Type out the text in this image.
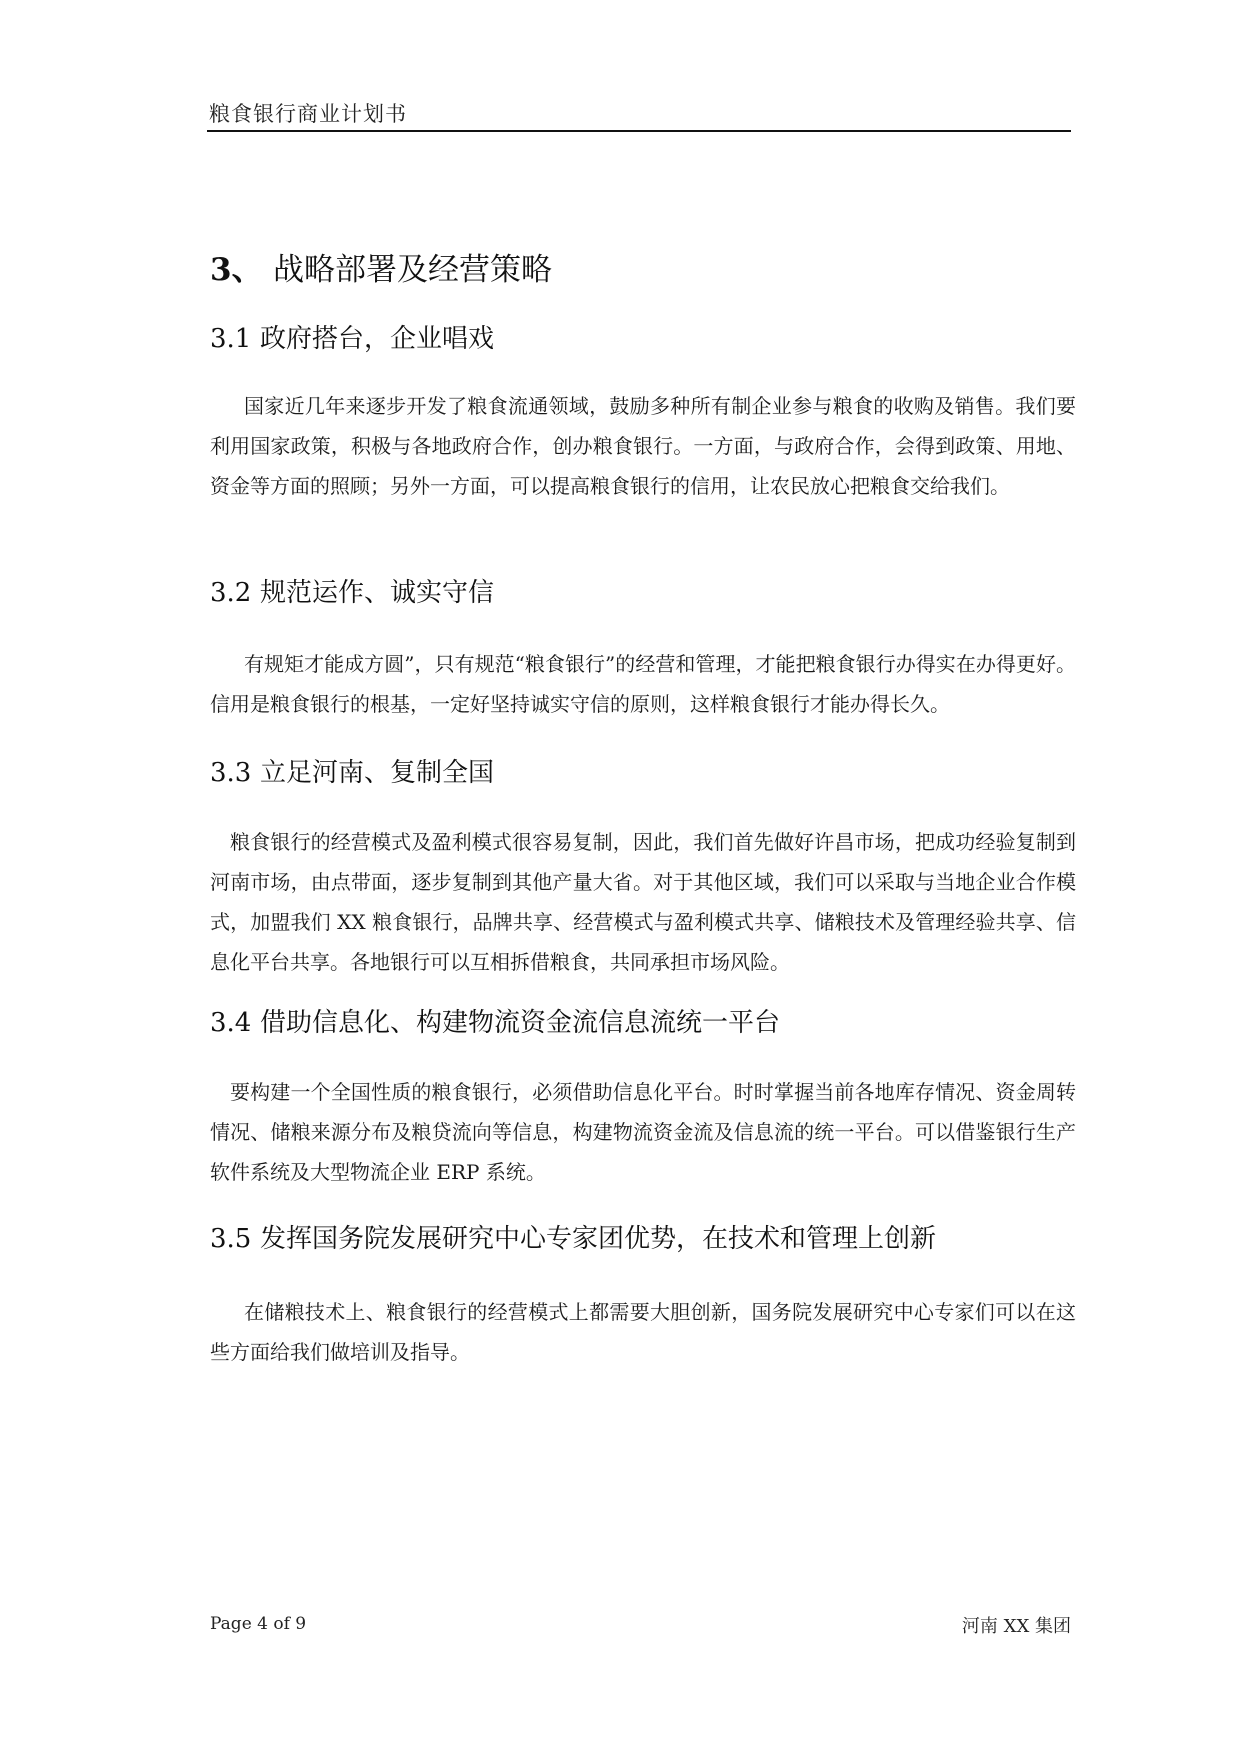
粮食银行商业计划书
3、 战略部署及经营策略
3.1 政府搭台，企业唱戏
国家近几年来逐步开发了粮食流通领域，鼓励多种所有制企业参与粮食的收购及销售。我们要利用国家政策，积极与各地政府合作，创办粮食银行。一方面，与政府合作，会得到政策、用地、资金等方面的照顾；另外一方面，可以提高粮食银行的信用，让农民放心把粮食交给我们。
3.2 规范运作、诚实守信
有规矩才能成方圆”，只有规范“粮食银行”的经营和管理，才能把粮食银行办得实在办得更好。信用是粮食银行的根基，一定好坚持诚实守信的原则，这样粮食银行才能办得长久。
3.3 立足河南、复制全国
粮食银行的经营模式及盈利模式很容易复制，因此，我们首先做好许昌市场，把成功经验复制到河南市场，由点带面，逐步复制到其他产量大省。对于其他区域，我们可以采取与当地企业合作模式，加盟我们 XX 粮食银行，品牌共享、经营模式与盈利模式共享、储粮技术及管理经验共享、信息化平台共享。各地银行可以互相拆借粮食，共同承担市场风险。
3.4 借助信息化、构建物流资金流信息流统一平台
要构建一个全国性质的粮食银行，必须借助信息化平台。时时掌握当前各地库存情况、资金周转情况、储粮来源分布及粮贷流向等信息，构建物流资金流及信息流的统一平台。可以借鉴银行生产软件系统及大型物流企业 ERP 系统。
3.5 发挥国务院发展研究中心专家团优势，在技术和管理上创新
在储粮技术上、粮食银行的经营模式上都需要大胆创新，国务院发展研究中心专家们可以在这些方面给我们做培训及指导。
Page 4 of 9	河南 XX 集团
